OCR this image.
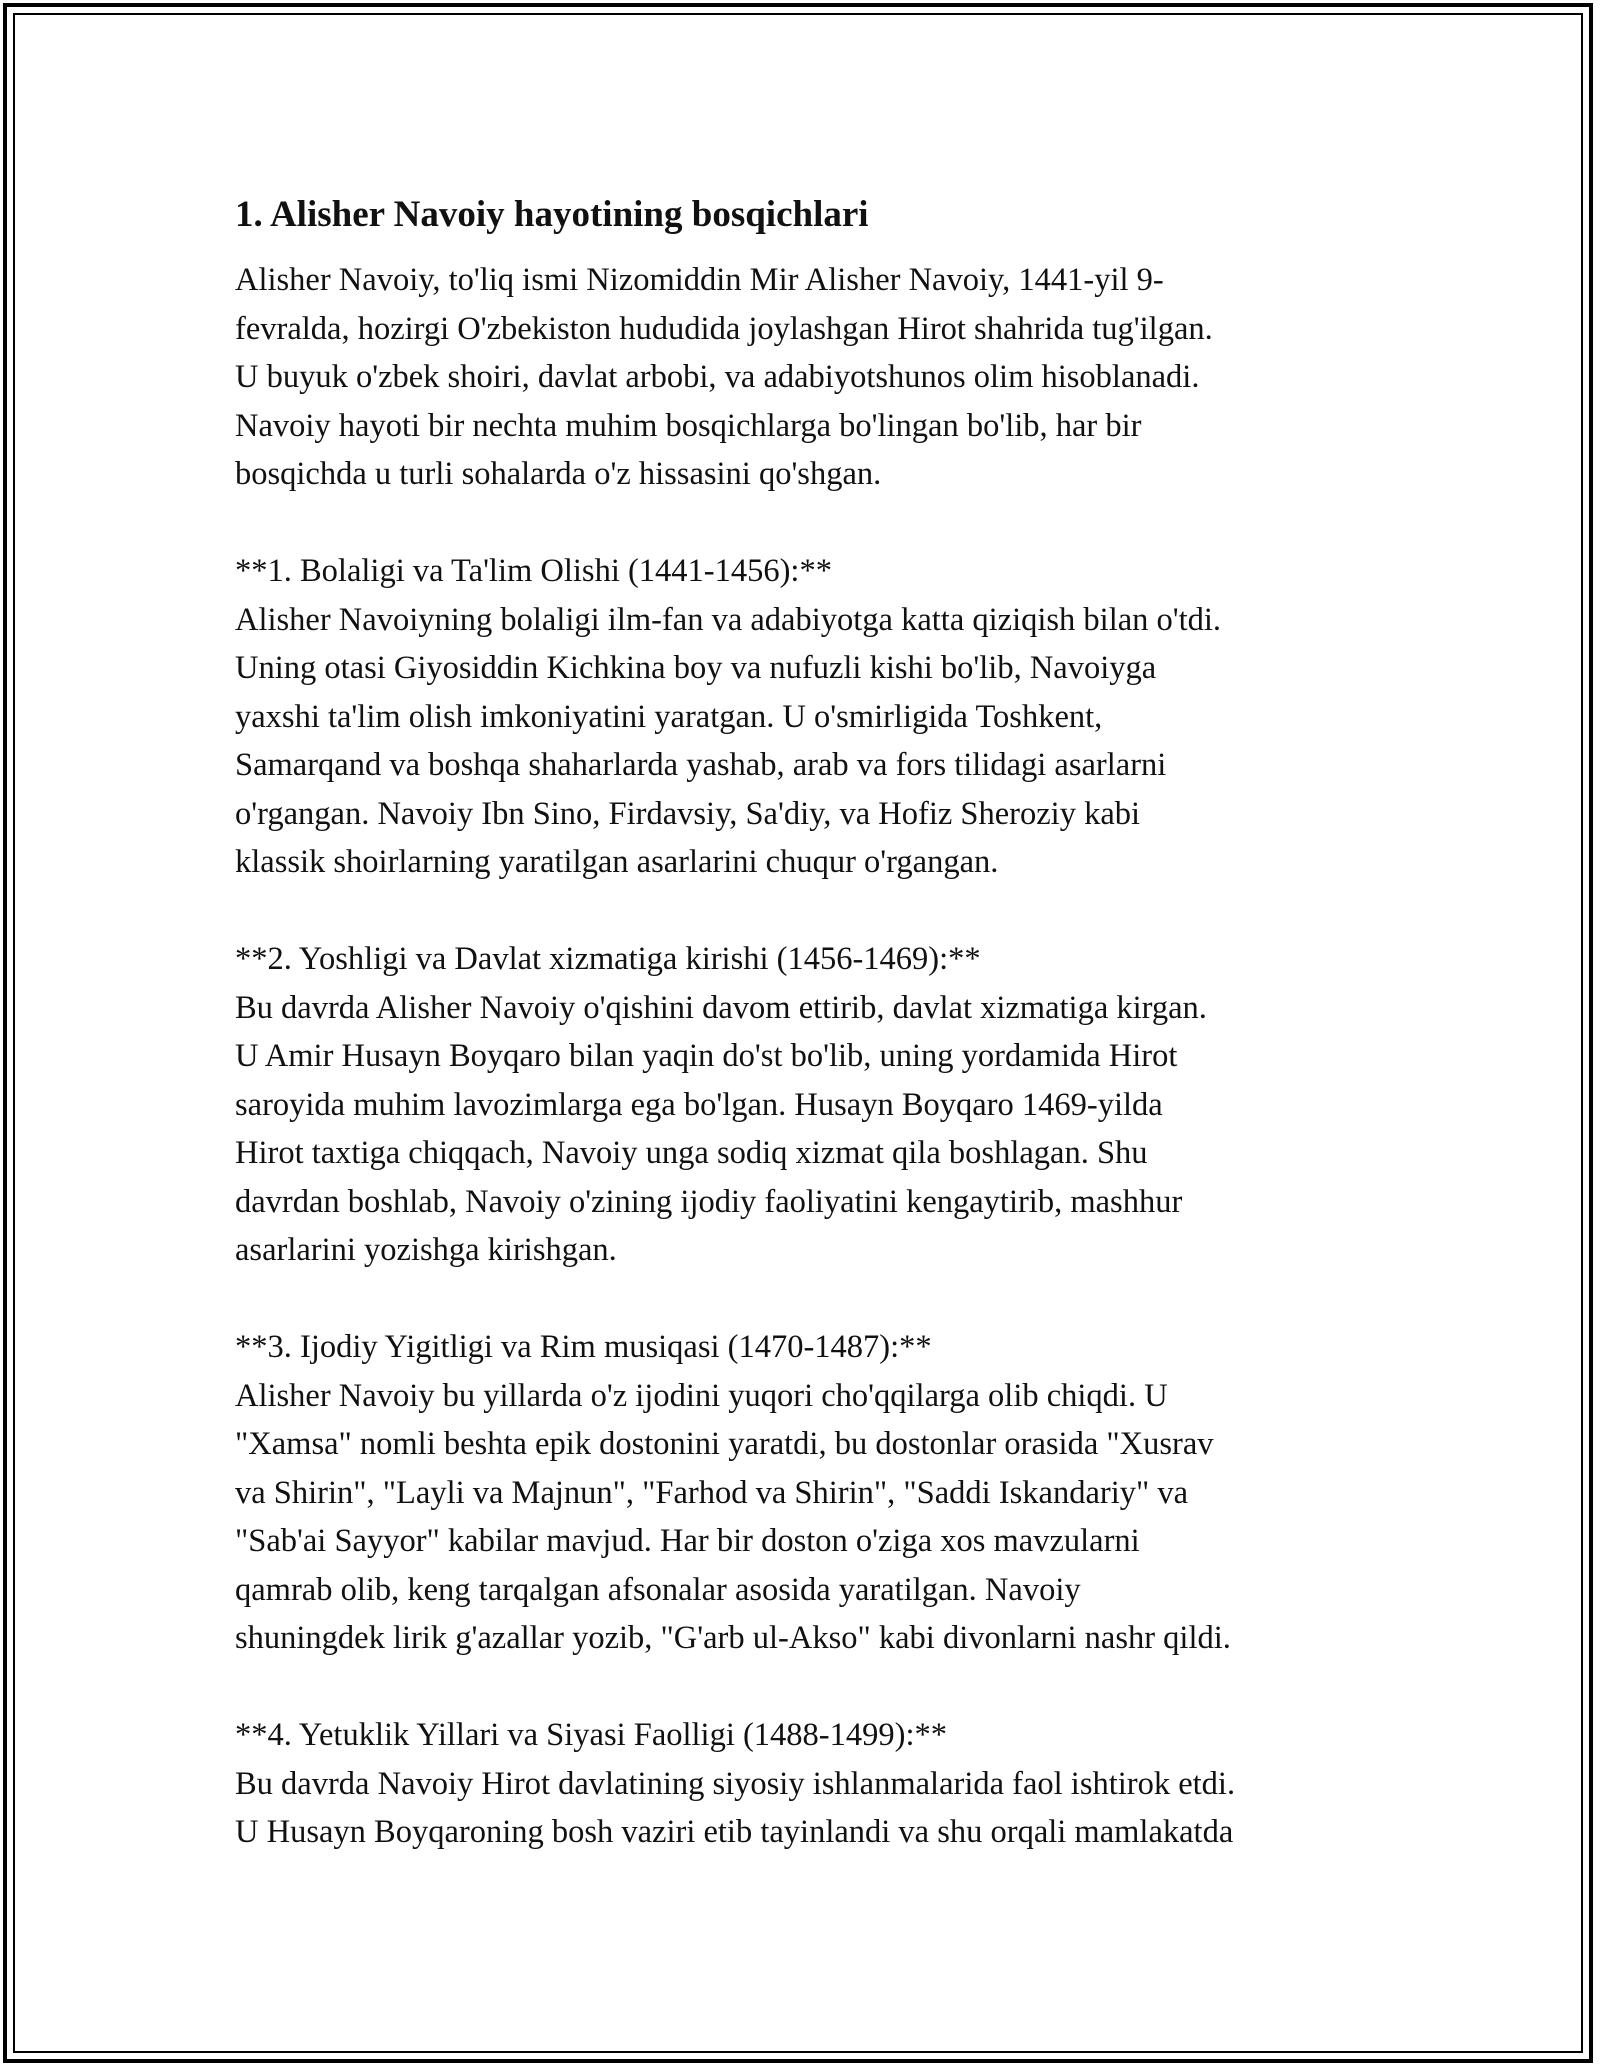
1. Alisher Navoiy hayotining bosqichlari
Alisher Navoiy, to'liq ismi Nizomiddin Mir Alisher Navoiy, 1441-yil 9-
fevralda, hozirgi O'zbekiston hududida joylashgan Hirot shahrida tug'ilgan.
U buyuk o'zbek shoiri, davlat arbobi, va adabiyotshunos olim hisoblanadi.
Navoiy hayoti bir nechta muhim bosqichlarga bo'lingan bo'lib, har bir
bosqichda u turli sohalarda o'z hissasini qo'shgan.
**1. Bolaligi va Ta'lim Olishi (1441-1456):**
Alisher Navoiyning bolaligi ilm-fan va adabiyotga katta qiziqish bilan o'tdi.
Uning otasi Giyosiddin Kichkina boy va nufuzli kishi bo'lib, Navoiyga
yaxshi ta'lim olish imkoniyatini yaratgan. U o'smirligida Toshkent,
Samarqand va boshqa shaharlarda yashab, arab va fors tilidagi asarlarni
o'rgangan. Navoiy Ibn Sino, Firdavsiy, Sa'diy, va Hofiz Sheroziy kabi
klassik shoirlarning yaratilgan asarlarini chuqur o'rgangan.
**2. Yoshligi va Davlat xizmatiga kirishi (1456-1469):**
Bu davrda Alisher Navoiy o'qishini davom ettirib, davlat xizmatiga kirgan.
U Amir Husayn Boyqaro bilan yaqin do'st bo'lib, uning yordamida Hirot
saroyida muhim lavozimlarga ega bo'lgan. Husayn Boyqaro 1469-yilda
Hirot taxtiga chiqqach, Navoiy unga sodiq xizmat qila boshlagan. Shu
davrdan boshlab, Navoiy o'zining ijodiy faoliyatini kengaytirib, mashhur
asarlarini yozishga kirishgan.
**3. Ijodiy Yigitligi va Rim musiqasi (1470-1487):**
Alisher Navoiy bu yillarda o'z ijodini yuqori cho'qqilarga olib chiqdi. U
"Xamsa" nomli beshta epik dostonini yaratdi, bu dostonlar orasida "Xusrav
va Shirin", "Layli va Majnun", "Farhod va Shirin", "Saddi Iskandariy" va
"Sab'ai Sayyor" kabilar mavjud. Har bir doston o'ziga xos mavzularni
qamrab olib, keng tarqalgan afsonalar asosida yaratilgan. Navoiy
shuningdek lirik g'azallar yozib, "G'arb ul-Akso" kabi divonlarni nashr qildi.
**4. Yetuklik Yillari va Siyasi Faolligi (1488-1499):**
Bu davrda Navoiy Hirot davlatining siyosiy ishlanmalarida faol ishtirok etdi.
U Husayn Boyqaroning bosh vaziri etib tayinlandi va shu orqali mamlakatda
